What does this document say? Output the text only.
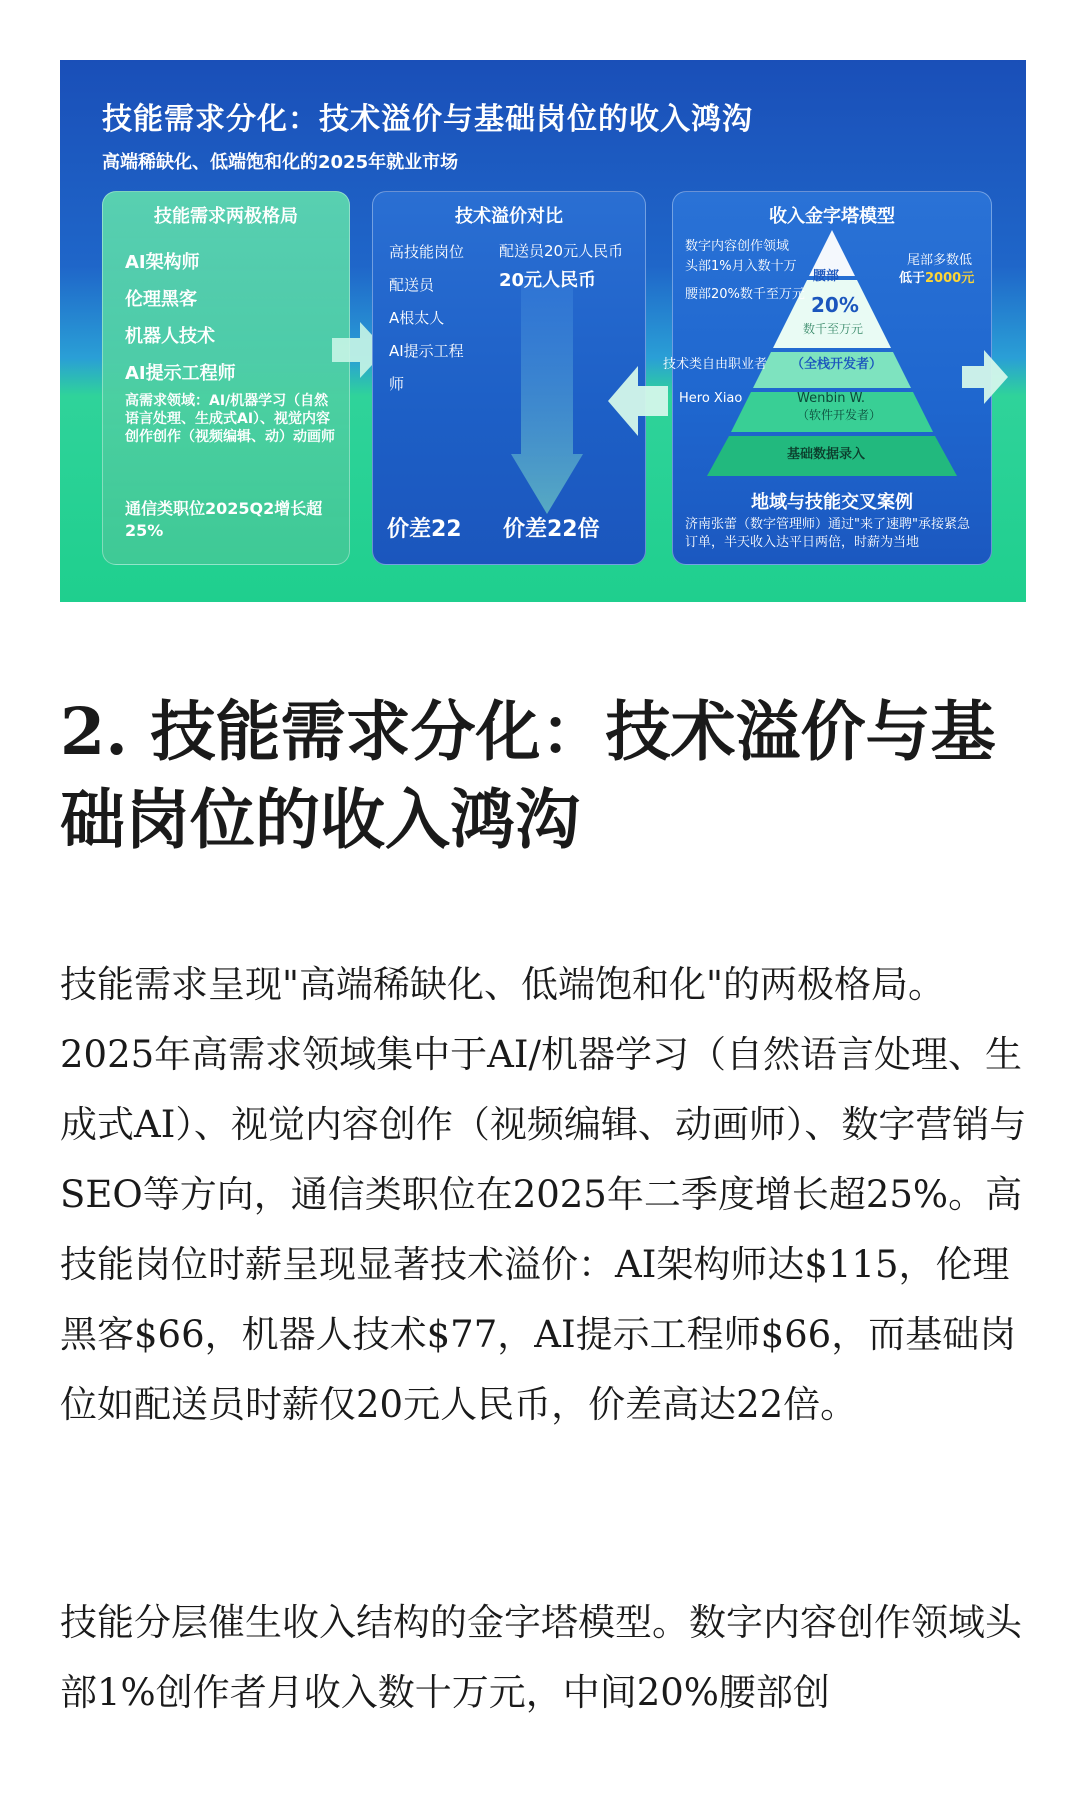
技能需求分化：技术溢价与基础岗位的收入鸿沟
高端稀缺化、低端饱和化的2025年就业市场
技能需求两极格局
AI架构师
伦理黑客
机器人技术
AI提示工程师
高需求领域：AI/机器学习（自然语言处理、生成式AI）、视觉内容创作创作（视频编辑、动）动画师
通信类职位2025Q2增长超25%
技术溢价对比
高技能岗位
配送员
A根太人
AI提示工程
师
配送员20元人民币
20元人民币
价差22 价差22倍
收入金字塔模型
数字内容创作领域
头部1%月入数十万
腰部20%数千至万元
腰部
20%
数千至万元
尾部多数低
低于2000元
技术类自由职业者 （全栈开发者）
Hero Xiao	Wenbin W.
（软件开发者）
基础数据录入
地域与技能交叉案例
济南张蕾（数字管理师）通过"来了速聘"承接紧急订单，半天收入达平日两倍，时薪为当地
2. 技能需求分化：技术溢价与基础岗位的收入鸿沟

技能需求呈现"高端稀缺化、低端饱和化"的两极格局。2025年高需求领域集中于AI/机器学习（自然语言处理、生成式AI）、视觉内容创作（视频编辑、动画师）、数字营销与SEO等方向，通信类职位在2025年二季度增长超25%。高技能岗位时薪呈现显著技术溢价：AI架构师达$115，伦理黑客$66，机器人技术$77，AI提示工程师$66，而基础岗位如配送员时薪仅20元人民币，价差高达22倍。

技能分层催生收入结构的金字塔模型。数字内容创作领域头部1%创作者月收入数十万元，中间20%腰部创
